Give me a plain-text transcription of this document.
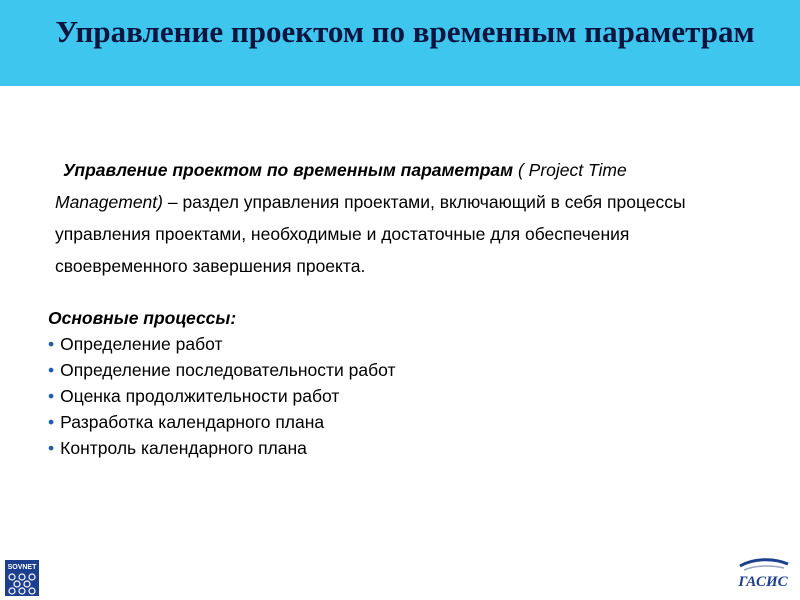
Управление проектом по временным параметрам

Управление проектом по временным параметрам ( Project Time Management) – раздел управления проектами, включающий в себя процессы управления проектами, необходимые и достаточные для обеспечения своевременного завершения проекта.

Основные процессы:

• Определение работ
• Определение последовательности работ
• Оценка продолжительности работ
• Разработка календарного плана
• Контроль календарного плана
SOVNET
ГАСИС
